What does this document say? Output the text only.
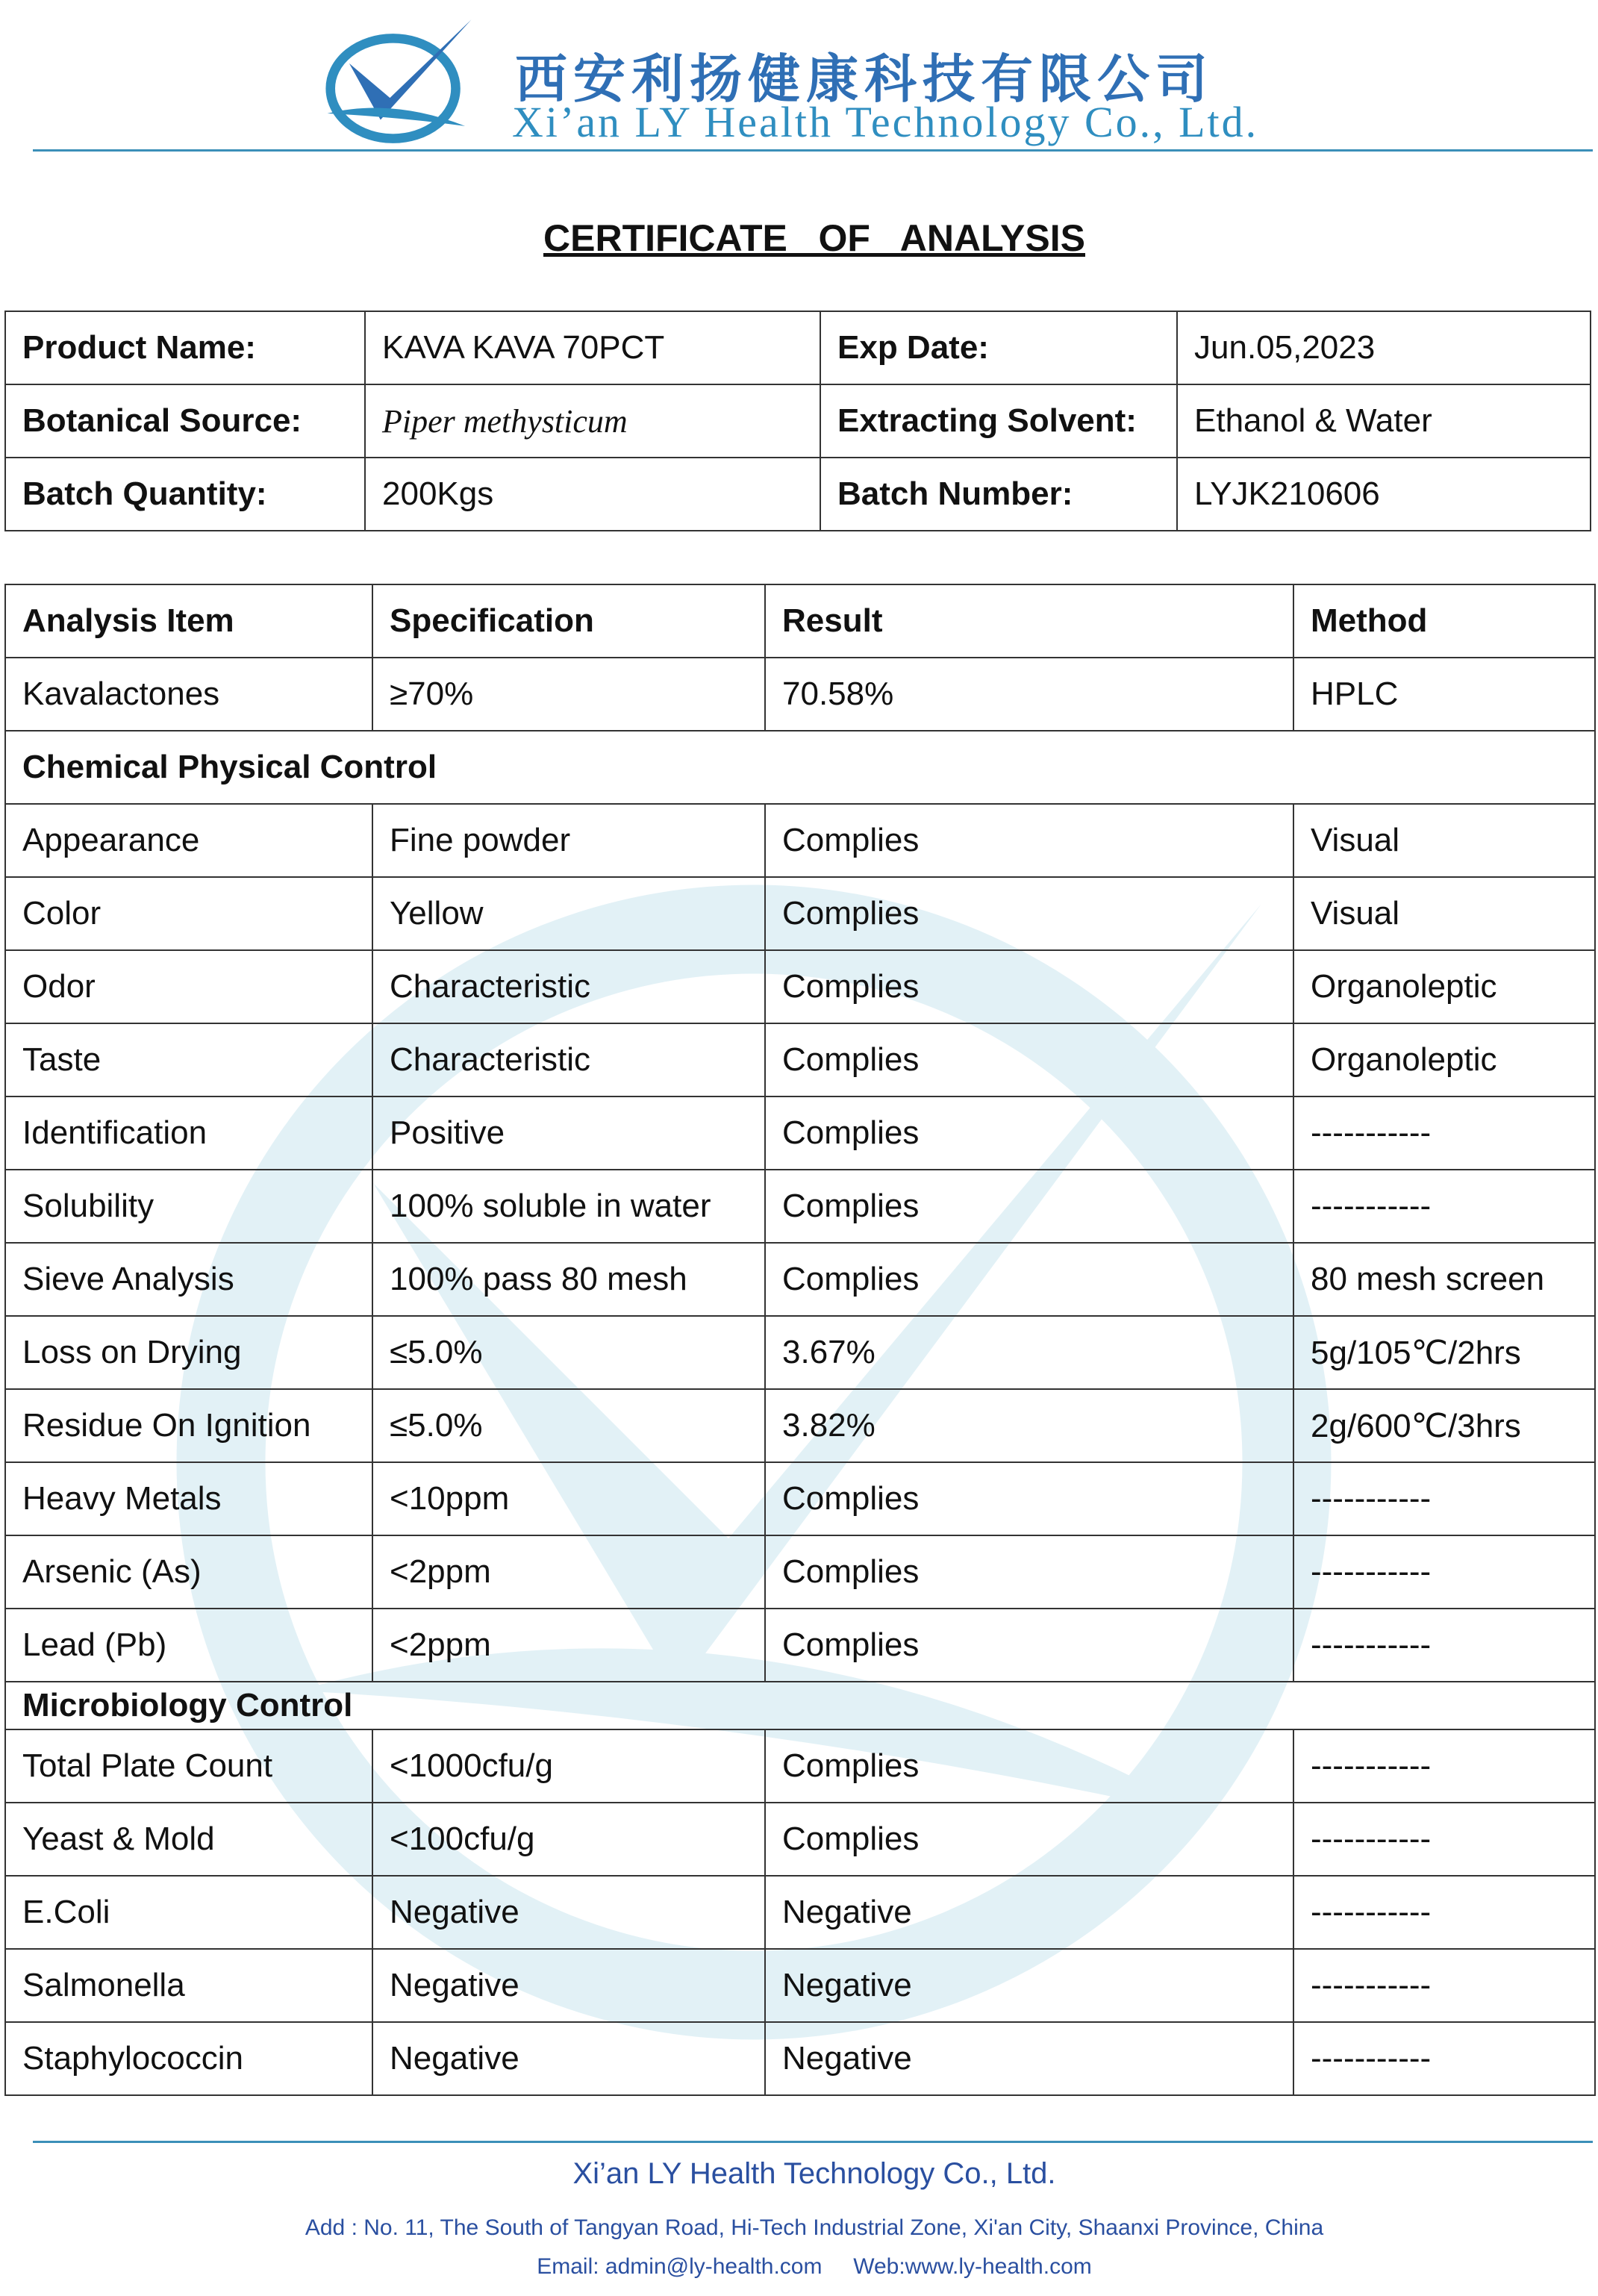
西安利扬健康科技有限公司
Xi’an LY Health Technology Co., Ltd.
CERTIFICATE   OF   ANALYSIS
Product Name:	KAVA KAVA 70PCT	Exp Date:	Jun.05,2023
Botanical Source:	Piper methysticum	Extracting Solvent:	Ethanol & Water
Batch Quantity:	200Kgs	Batch Number:	LYJK210606
Analysis Item	Specification	Result	Method
Kavalactones	≥70%	70.58%	HPLC
Chemical Physical Control			
Appearance	Fine powder	Complies	Visual
Color	Yellow	Complies	Visual
Odor	Characteristic	Complies	Organoleptic
Taste	Characteristic	Complies	Organoleptic
Identification	Positive	Complies	-----------
Solubility	100% soluble in water	Complies	-----------
Sieve Analysis	100% pass 80 mesh	Complies	80 mesh screen
Loss on Drying	≤5.0%	3.67%	5g/105℃/2hrs
Residue On Ignition	≤5.0%	3.82%	2g/600℃/3hrs
Heavy Metals	<10ppm	Complies	-----------
Arsenic (As)	<2ppm	Complies	-----------
Lead (Pb)	<2ppm	Complies	-----------
Microbiology Control			
Total Plate Count	<1000cfu/g	Complies	-----------
Yeast & Mold	<100cfu/g	Complies	-----------
E.Coli	Negative	Negative	-----------
Salmonella	Negative	Negative	-----------
Staphylococcin	Negative	Negative	-----------
Xi’an LY Health Technology Co., Ltd.
Add : No. 11, The South of Tangyan Road, Hi-Tech Industrial Zone, Xi'an City, Shaanxi Province, China
Email: admin@ly-health.com Web:www.ly-health.com
